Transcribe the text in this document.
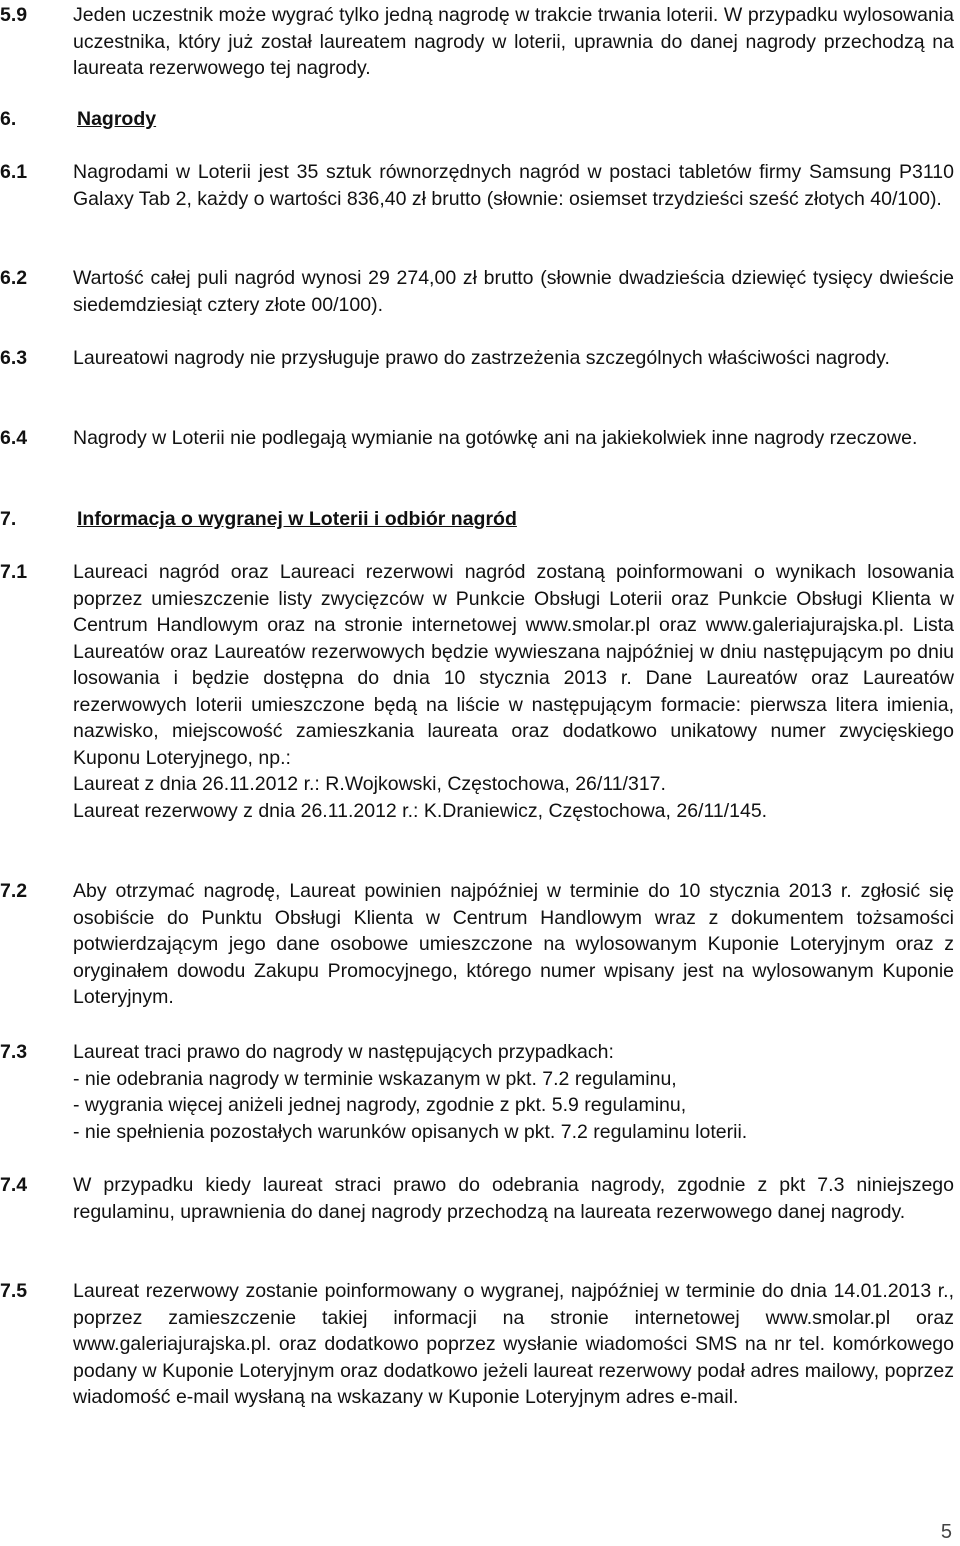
5.9 Jeden uczestnik może wygrać tylko jedną nagrodę w trakcie trwania loterii. W przypadku wylosowania uczestnika, który już został laureatem nagrody w loterii, uprawnia do danej nagrody przechodzą na laureata rezerwowego tej nagrody.
6.	Nagrody
6.1 Nagrodami w Loterii jest 35 sztuk równorzędnych nagród w postaci tabletów firmy Samsung P3110 Galaxy Tab 2, każdy o wartości 836,40 zł brutto (słownie: osiemset trzydzieści sześć złotych 40/100).
6.2 Wartość całej puli nagród wynosi 29 274,00 zł brutto (słownie dwadzieścia dziewięć tysięcy dwieście siedemdziesiąt cztery złote 00/100).
6.3 Laureatowi nagrody nie przysługuje prawo do zastrzeżenia szczególnych właściwości nagrody.
6.4 Nagrody w Loterii nie podlegają wymianie na gotówkę ani na jakiekolwiek inne nagrody rzeczowe.
7.	Informacja o wygranej w Loterii i odbiór nagród
7.1 Laureaci nagród oraz Laureaci rezerwowi nagród zostaną poinformowani o wynikach losowania poprzez umieszczenie listy zwycięzców w Punkcie Obsługi Loterii oraz Punkcie Obsługi Klienta w Centrum Handlowym oraz na stronie internetowej www.smolar.pl oraz www.galeriajurajska.pl. Lista Laureatów oraz Laureatów rezerwowych będzie wywieszana najpóźniej w dniu następującym po dniu losowania i będzie dostępna do dnia 10 stycznia 2013 r. Dane Laureatów oraz Laureatów rezerwowych loterii umieszczone będą na liście w następującym formacie: pierwsza litera imienia, nazwisko, miejscowość zamieszkania laureata oraz dodatkowo unikatowy numer zwycięskiego Kuponu Loteryjnego, np.:
Laureat z dnia 26.11.2012 r.: R.Wojkowski, Częstochowa, 26/11/317.
Laureat rezerwowy z dnia 26.11.2012 r.: K.Draniewicz, Częstochowa, 26/11/145.
7.2 Aby otrzymać nagrodę, Laureat powinien najpóźniej w terminie do 10 stycznia 2013 r. zgłosić się osobiście do Punktu Obsługi Klienta w Centrum Handlowym wraz z dokumentem tożsamości potwierdzającym jego dane osobowe umieszczone na wylosowanym Kuponie Loteryjnym oraz z oryginałem dowodu Zakupu Promocyjnego, którego numer wpisany jest na wylosowanym Kuponie Loteryjnym.
7.3 Laureat traci prawo do nagrody w następujących przypadkach:
- nie odebrania nagrody w terminie wskazanym w pkt. 7.2 regulaminu,
- wygrania więcej aniżeli jednej nagrody, zgodnie z pkt. 5.9 regulaminu,
- nie spełnienia pozostałych warunków opisanych w pkt. 7.2 regulaminu loterii.
7.4 W przypadku kiedy laureat straci prawo do odebrania nagrody, zgodnie z pkt 7.3 niniejszego regulaminu, uprawnienia do danej nagrody przechodzą na laureata rezerwowego danej nagrody.
7.5 Laureat rezerwowy zostanie poinformowany o wygranej, najpóźniej w terminie do dnia 14.01.2013 r., poprzez zamieszczenie takiej informacji na stronie internetowej www.smolar.pl oraz www.galeriajurajska.pl. oraz dodatkowo poprzez wysłanie wiadomości SMS na nr tel. komórkowego podany w Kuponie Loteryjnym oraz dodatkowo jeżeli laureat rezerwowy podał adres mailowy, poprzez wiadomość e-mail wysłaną na wskazany w Kuponie Loteryjnym adres e-mail.
5
